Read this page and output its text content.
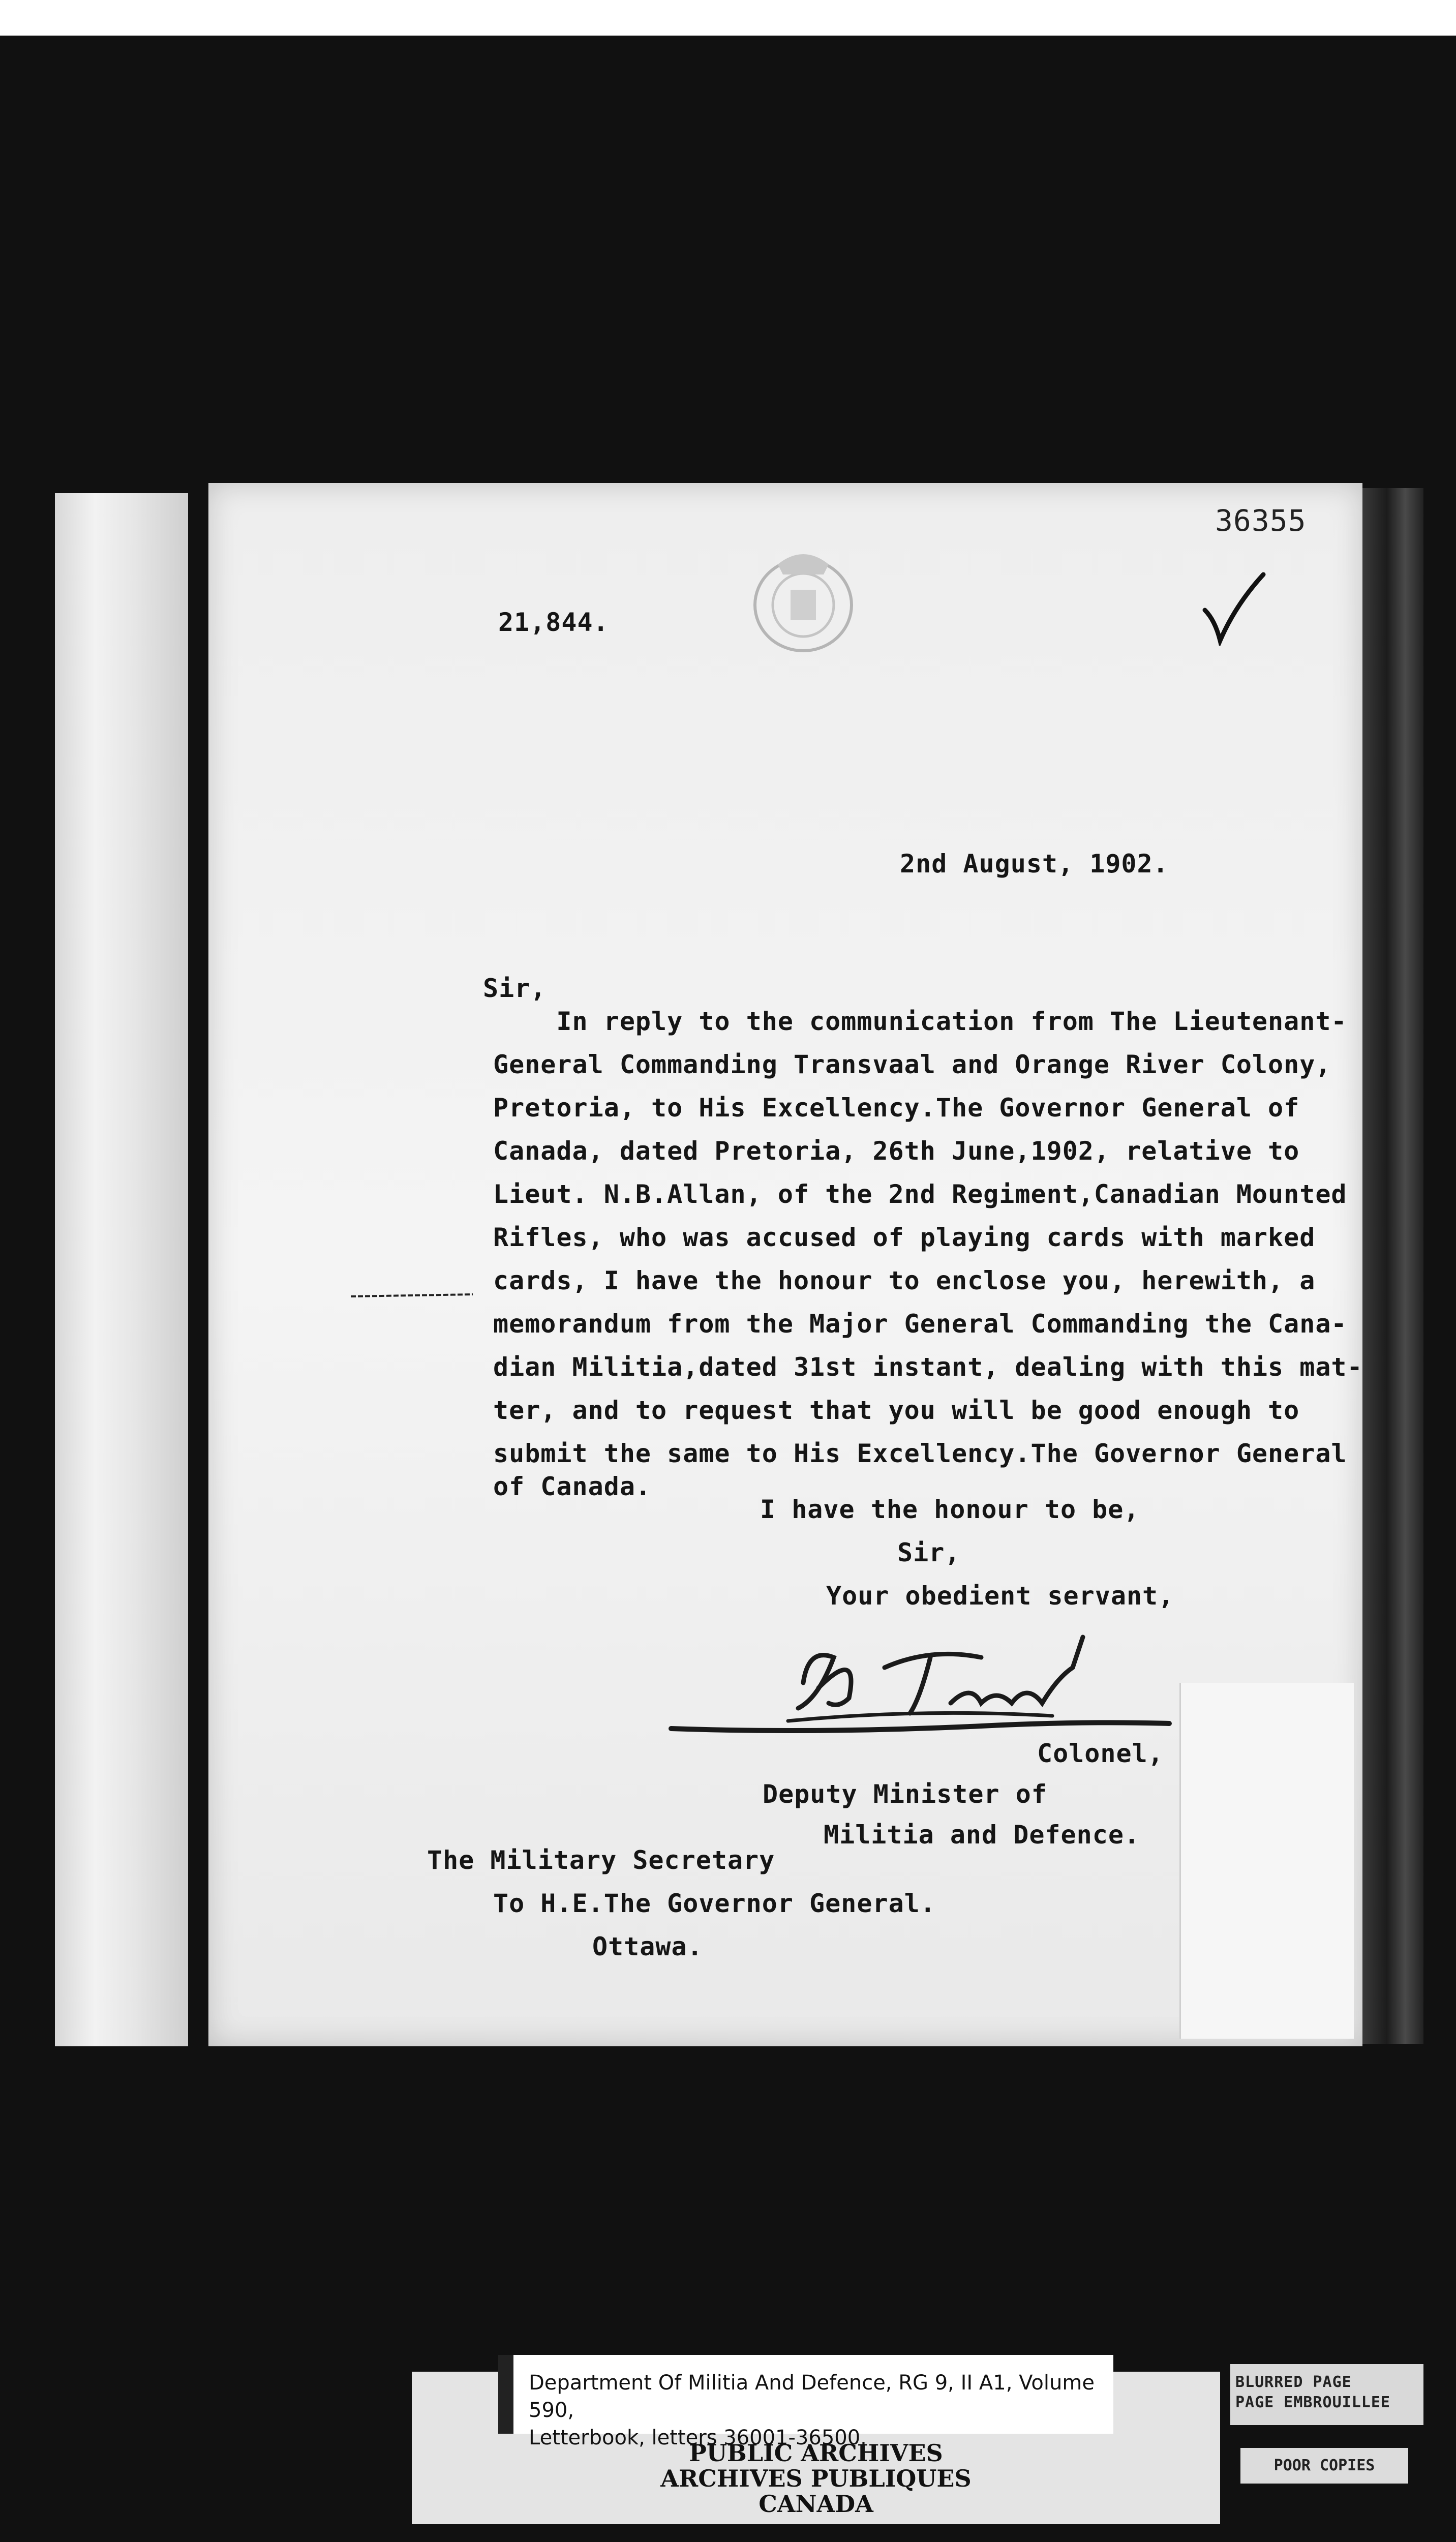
36355
21,844.
2nd August, 1902.
Sir,
In reply to the communication from The Lieutenant-
General Commanding Transvaal and Orange River Colony,
Pretoria, to His Excellency.The Governor General of
Canada, dated Pretoria, 26th June,1902, relative to
Lieut. N.B.Allan, of the 2nd Regiment,Canadian Mounted
Rifles, who was accused of playing cards with marked
cards, I have the honour to enclose you, herewith, a
memorandum from the Major General Commanding the Cana-
dian Militia,dated 31st instant, dealing with this mat-
ter, and to request that you will be good enough to
submit the same to His Excellency.The Governor General
of Canada.
I have the honour to be,
Sir,
Your obedient servant,
Colonel,
Deputy Minister of
Militia and Defence.
The Military Secretary
To H.E.The Governor General.
Ottawa.
Department Of Militia And Defence, RG 9, II A1, Volume 590,
Letterbook, letters 36001-36500.
PUBLIC ARCHIVES
ARCHIVES PUBLIQUES
CANADA
BLURRED PAGE
PAGE EMBROUILLEE
POOR COPIES
